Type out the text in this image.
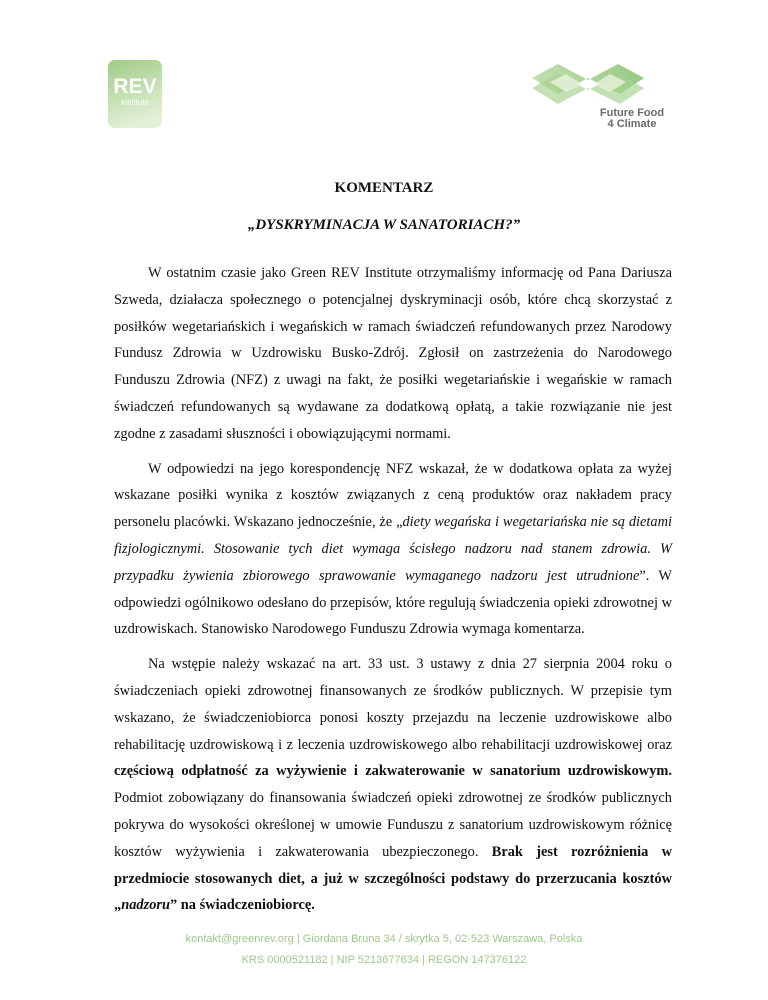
REV
institute
Future Food
4 Climate
KOMENTARZ
„DYSKRYMINACJA W SANATORIACH?”

W ostatnim czasie jako Green REV Institute otrzymaliśmy informację od Pana Dariusza Szweda, działacza społecznego o potencjalnej dyskryminacji osób, które chcą skorzystać z posiłków wegetariańskich i wegańskich w ramach świadczeń refundowanych przez Narodowy Fundusz Zdrowia w Uzdrowisku Busko-Zdrój. Zgłosił on zastrzeżenia do Narodowego Funduszu Zdrowia (NFZ) z uwagi na fakt, że posiłki wegetariańskie i wegańskie w ramach świadczeń refundowanych są wydawane za dodatkową opłatą, a takie rozwiązanie nie jest zgodne z zasadami słuszności i obowiązującymi normami.

W odpowiedzi na jego korespondencję NFZ wskazał, że w dodatkowa opłata za wyżej wskazane posiłki wynika z kosztów związanych z ceną produktów oraz nakładem pracy personelu placówki. Wskazano jednocześnie, że „diety wegańska i wegetariańska nie są dietami fizjologicznymi. Stosowanie tych diet wymaga ścisłego nadzoru nad stanem zdrowia. W przypadku żywienia zbiorowego sprawowanie wymaganego nadzoru jest utrudnione”. W odpowiedzi ogólnikowo odesłano do przepisów, które regulują świadczenia opieki zdrowotnej w uzdrowiskach. Stanowisko Narodowego Funduszu Zdrowia wymaga komentarza.

Na wstępie należy wskazać na art. 33 ust. 3 ustawy z dnia 27 sierpnia 2004 roku o świadczeniach opieki zdrowotnej finansowanych ze środków publicznych. W przepisie tym wskazano, że świadczeniobiorca ponosi koszty przejazdu na leczenie uzdrowiskowe albo rehabilitację uzdrowiskową i z leczenia uzdrowiskowego albo rehabilitacji uzdrowiskowej oraz częściową odpłatność za wyżywienie i zakwaterowanie w sanatorium uzdrowiskowym. Podmiot zobowiązany do finansowania świadczeń opieki zdrowotnej ze środków publicznych pokrywa do wysokości określonej w umowie Funduszu z sanatorium uzdrowiskowym różnicę kosztów wyżywienia i zakwaterowania ubezpieczonego. Brak jest rozróżnienia w przedmiocie stosowanych diet, a już w szczególności podstawy do przerzucania kosztów „nadzoru” na świadczeniobiorcę.

kontakt@greenrev.org | Giordana Bruna 34 / skrytka 5, 02-523 Warszawa, Polska
KRS 0000521182 | NIP 5213677634 | REGON 147376122
